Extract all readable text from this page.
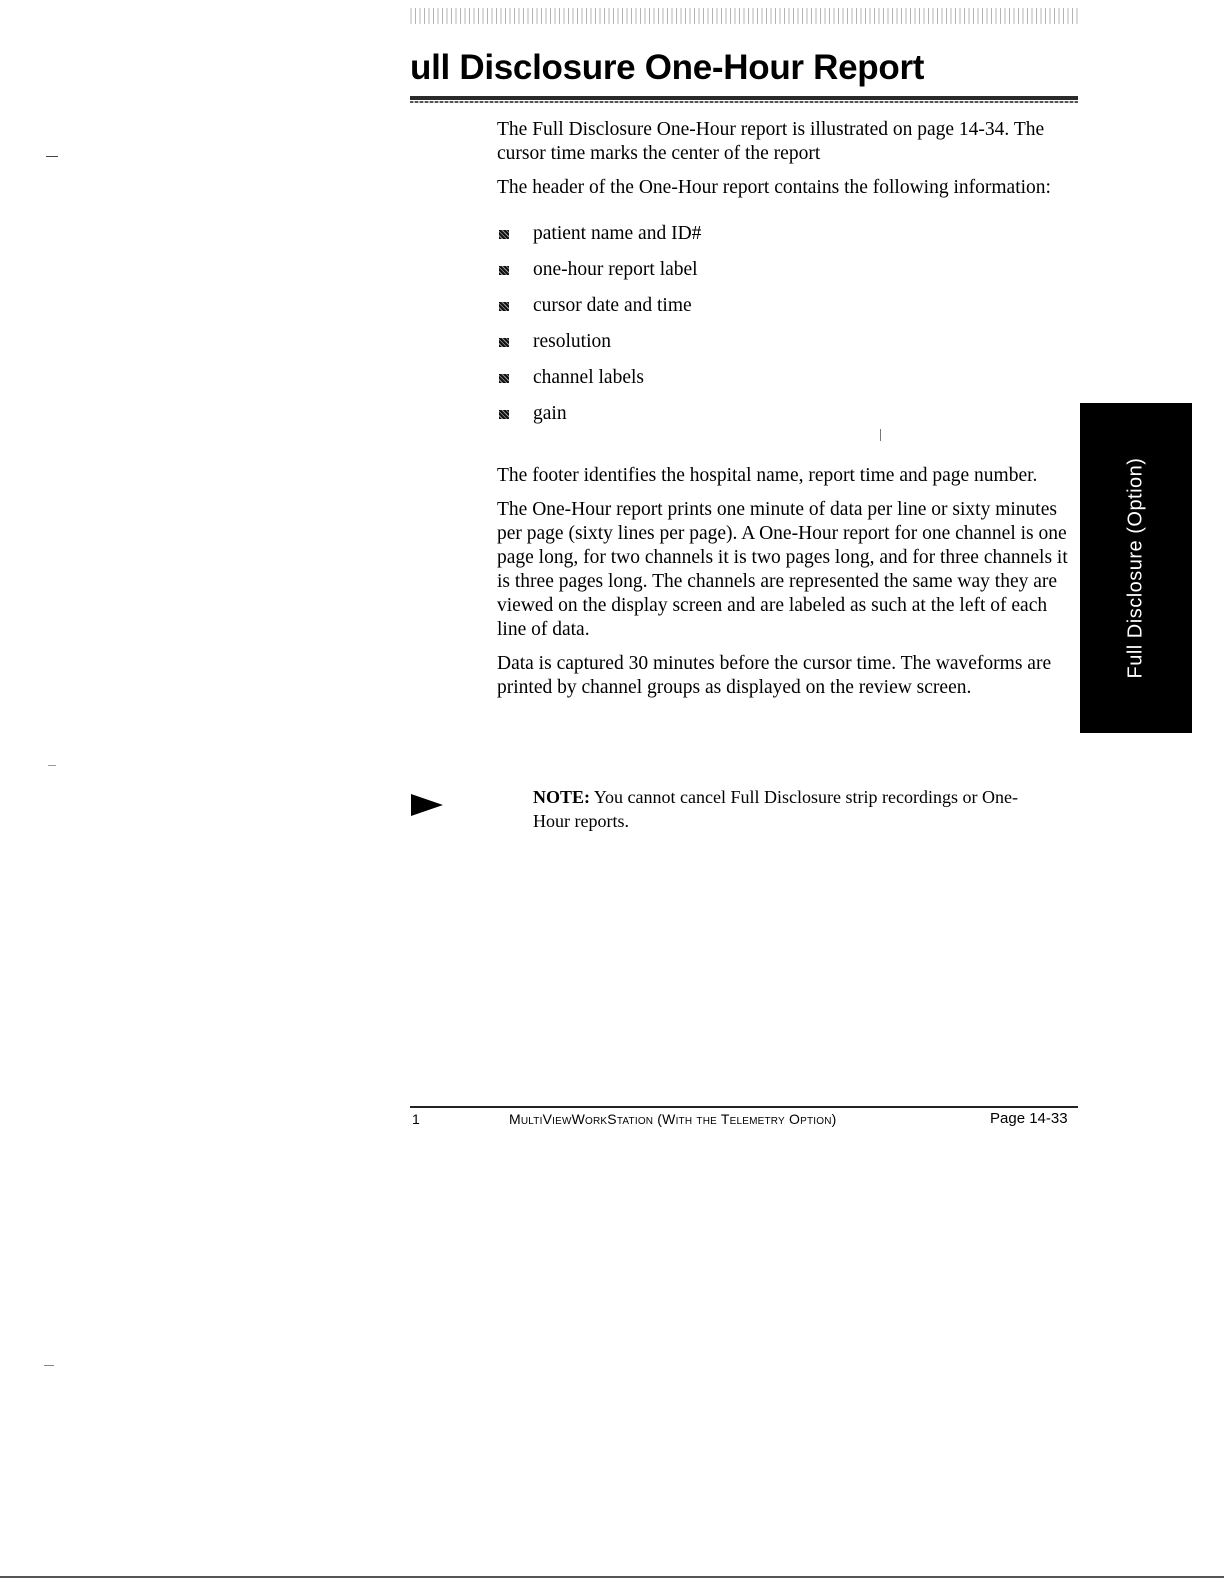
ull Disclosure One-Hour Report

The Full Disclosure One-Hour report is illustrated on page 14-34. The cursor time marks the center of the report

The header of the One-Hour report contains the following information:

patient name and ID#
one-hour report label
cursor date and time
resolution
channel labels
gain

The footer identifies the hospital name, report time and page number.

The One-Hour report prints one minute of data per line or sixty minutes per page (sixty lines per page). A One-Hour report for one channel is one page long, for two channels it is two pages long, and for three channels it is three pages long. The channels are represented the same way they are viewed on the display screen and are labeled as such at the left of each line of data.

Data is captured 30 minutes before the cursor time. The waveforms are printed by channel groups as displayed on the review screen.

NOTE: You cannot cancel Full Disclosure strip recordings or One-Hour reports.
Full Disclosure (Option)
1	MultiViewWorkStation (With the Telemetry Option)	Page 14-33
